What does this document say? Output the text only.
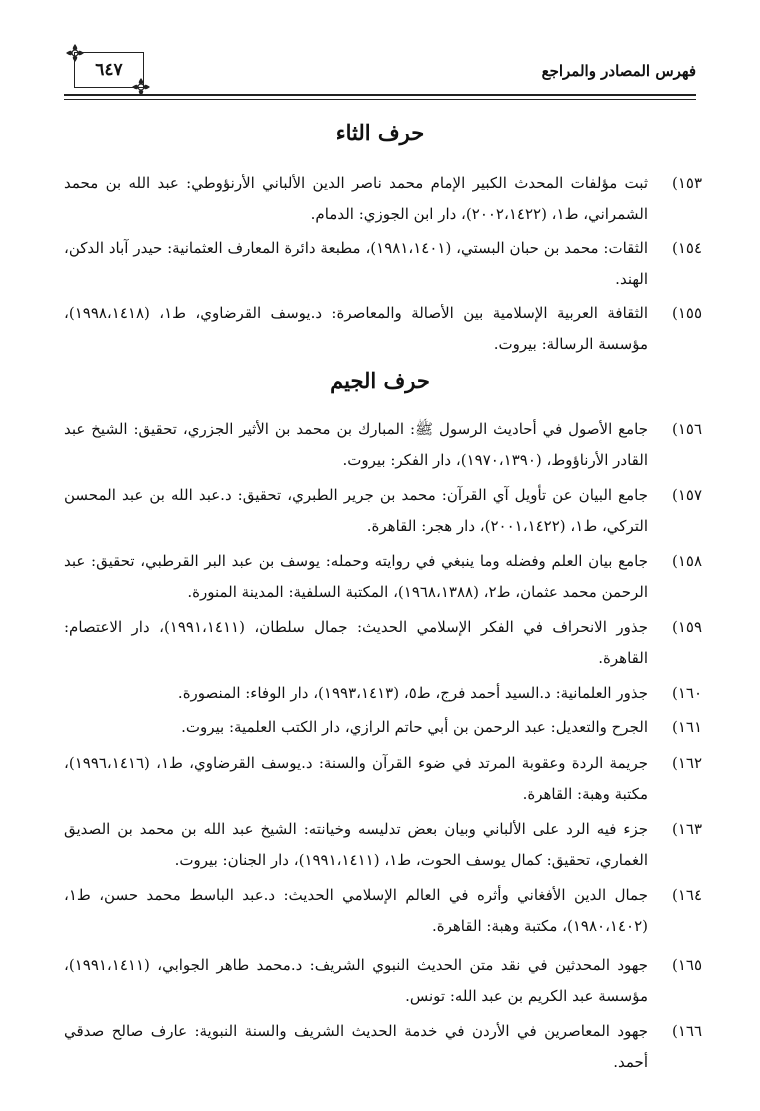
فهرس المصادر والمراجع
٦٤٧
حرف الثاء
١٥٣)
ثبت مؤلفات المحدث الكبير الإمام محمد ناصر الدين الألباني الأرنؤوطي: عبد الله بن محمد الشمراني، ط١، (٢٠٠٢،١٤٢٢)، دار ابن الجوزي: الدمام.
١٥٤)
الثقات: محمد بن حبان البستي، (١٩٨١،١٤٠١)، مطبعة دائرة المعارف العثمانية: حيدر آباد الدكن، الهند.
١٥٥)
الثقافة العربية الإسلامية بين الأصالة والمعاصرة: د.يوسف القرضاوي، ط١، (١٩٩٨،١٤١٨)، مؤسسة الرسالة: بيروت.
حرف الجيم
١٥٦)
جامع الأصول في أحاديث الرسول ﷺ: المبارك بن محمد بن الأثير الجزري، تحقيق: الشيخ عبد القادر الأرناؤوط، (١٩٧٠،١٣٩٠)، دار الفكر: بيروت.
١٥٧)
جامع البيان عن تأويل آي القرآن: محمد بن جرير الطبري، تحقيق: د.عبد الله بن عبد المحسن التركي، ط١، (٢٠٠١،١٤٢٢)، دار هجر: القاهرة.
١٥٨)
جامع بيان العلم وفضله وما ينبغي في روايته وحمله: يوسف بن عبد البر القرطبي، تحقيق: عبد الرحمن محمد عثمان، ط٢، (١٩٦٨،١٣٨٨)، المكتبة السلفية: المدينة المنورة.
١٥٩)
جذور الانحراف في الفكر الإسلامي الحديث: جمال سلطان، (١٩٩١،١٤١١)، دار الاعتصام: القاهرة.
١٦٠)
جذور العلمانية: د.السيد أحمد فرج، ط٥، (١٩٩٣،١٤١٣)، دار الوفاء: المنصورة.
١٦١)
الجرح والتعديل: عبد الرحمن بن أبي حاتم الرازي، دار الكتب العلمية: بيروت.
١٦٢)
جريمة الردة وعقوبة المرتد في ضوء القرآن والسنة: د.يوسف القرضاوي، ط١، (١٩٩٦،١٤١٦)، مكتبة وهبة: القاهرة.
١٦٣)
جزء فيه الرد على الألباني وبيان بعض تدليسه وخيانته: الشيخ عبد الله بن محمد بن الصديق الغماري، تحقيق: كمال يوسف الحوت، ط١، (١٩٩١،١٤١١)، دار الجنان: بيروت.
١٦٤)
جمال الدين الأفغاني وأثره في العالم الإسلامي الحديث: د.عبد الباسط محمد حسن، ط١، (١٩٨٠،١٤٠٢)، مكتبة وهبة: القاهرة.
١٦٥)
جهود المحدثين في نقد متن الحديث النبوي الشريف: د.محمد طاهر الجوابي، (١٩٩١،١٤١١)، مؤسسة عبد الكريم بن عبد الله: تونس.
١٦٦)
جهود المعاصرين في الأردن في خدمة الحديث الشريف والسنة النبوية: عارف صالح صدقي أحمد.
